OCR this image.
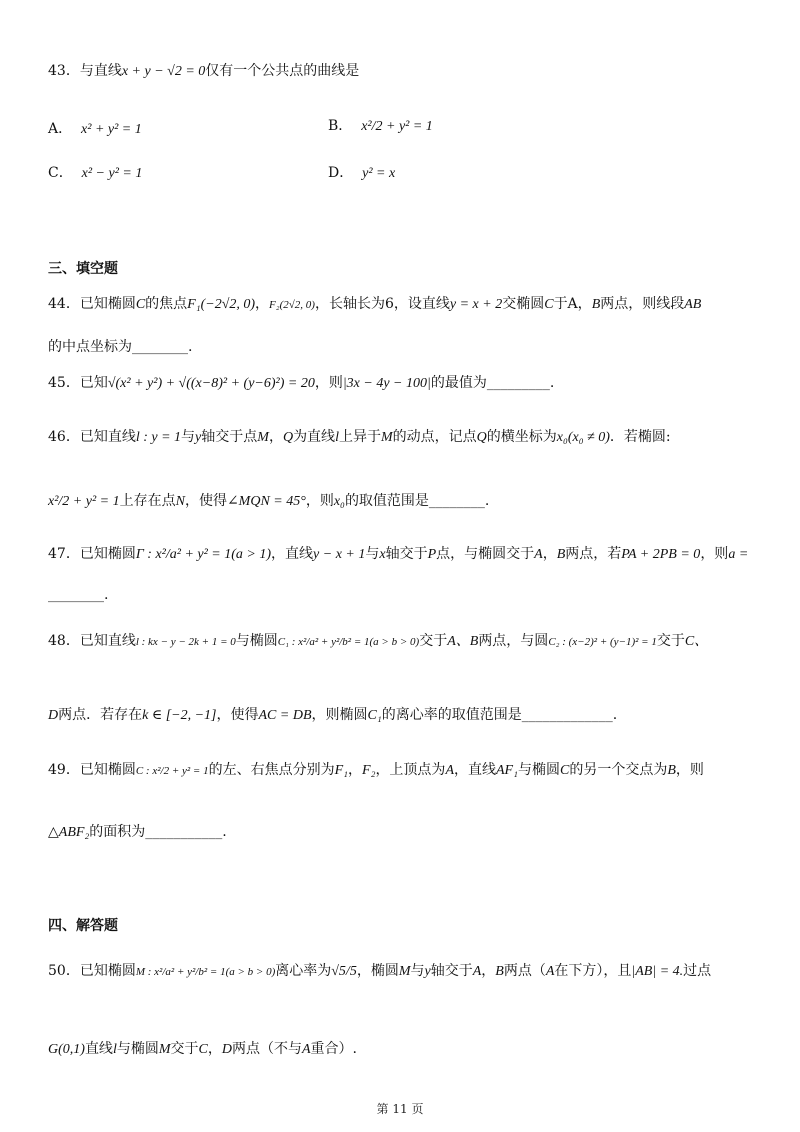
43．与直线x + y − √2 = 0仅有一个公共点的曲线是
A． x² + y² = 1	B． x²/2 + y² = 1
C． x² − y² = 1	D． y² = x
三、填空题
44．已知椭圆C的焦点F₁(−2√2, 0)，F₂(2√2, 0)，长轴长为6，设直线y = x + 2交椭圆C于A，B两点，则线段AB
的中点坐标为________.
45．已知√(x² + y²) + √((x−8)² + (y−6)²) = 20，则|3x − 4y − 100|的最值为_________.
46．已知直线l : y = 1与y轴交于点M，Q为直线l上异于M的动点，记点Q的横坐标为x₀(x₀ ≠ 0)．若椭圆:
x²/2 + y² = 1上存在点N，使得∠MQN = 45°，则x₀的取值范围是________.
47．已知椭圆Γ : x²/a² + y² = 1(a > 1)，直线y − x + 1与x轴交于P点，与椭圆交于A，B两点，若PA + 2PB = 0，则a =
________.
48．已知直线l : kx − y − 2k + 1 = 0与椭圆C₁ : x²/a² + y²/b² = 1(a > b > 0)交于A、B两点，与圆C₂ : (x−2)² + (y−1)² = 1交于C、
D两点．若存在k ∈ [−2, −1]，使得AC = DB，则椭圆C₁的离心率的取值范围是_____________.
49．已知椭圆C : x²/2 + y² = 1的左、右焦点分别为F₁，F₂，上顶点为A，直线AF₁与椭圆C的另一个交点为B，则
△ABF₂的面积为___________.
四、解答题
50．已知椭圆M : x²/a² + y²/b² = 1(a > b > 0)离心率为√5/5，椭圆M与y轴交于A，B两点（A在下方），且|AB| = 4.过点
G(0,1)直线l与椭圆M交于C，D两点（不与A重合）.
第 11 页
